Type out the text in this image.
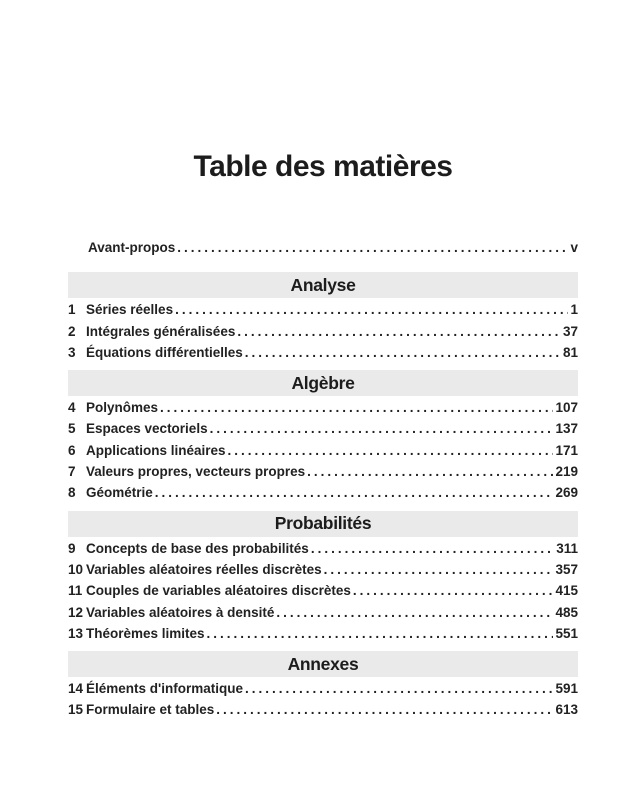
Table des matières
Avant-propos .....	v
Analyse
1 Séries réelles .....	1
2 Intégrales généralisées .....	37
3 Équations différentielles .....	81
Algèbre
4 Polynômes .....	107
5 Espaces vectoriels .....	137
6 Applications linéaires .....	171
7 Valeurs propres, vecteurs propres .....	219
8 Géométrie .....	269
Probabilités
9 Concepts de base des probabilités .....	311
10 Variables aléatoires réelles discrètes .....	357
11 Couples de variables aléatoires discrètes .....	415
12 Variables aléatoires à densité .....	485
13 Théorèmes limites .....	551
Annexes
14 Éléments d'informatique .....	591
15 Formulaire et tables .....	613
